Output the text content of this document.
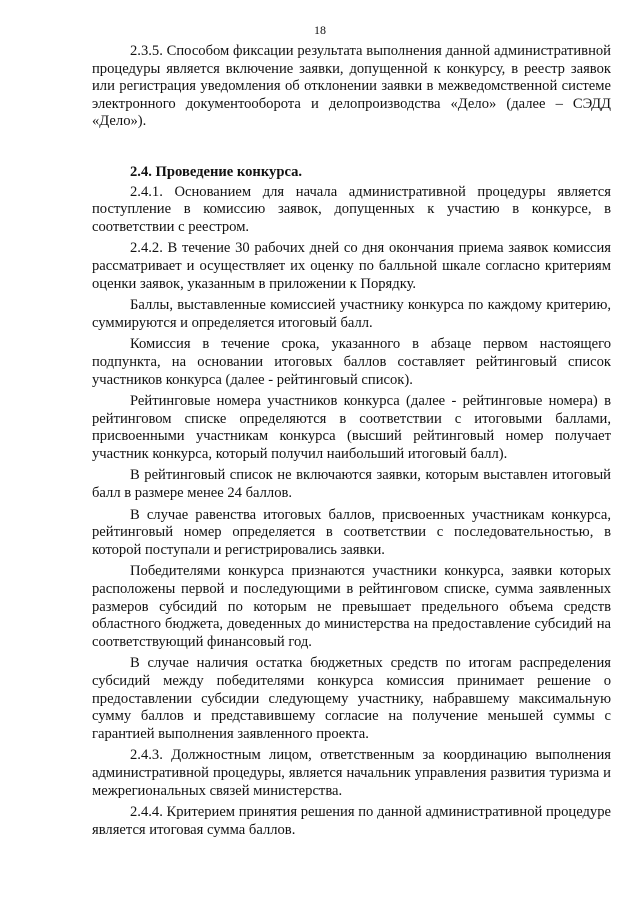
18

2.3.5. Способом фиксации результата выполнения данной административной процедуры является включение заявки, допущенной к конкурсу, в реестр заявок или регистрация уведомления об отклонении заявки в межведомственной системе электронного документооборота и делопроизводства «Дело» (далее – СЭДД «Дело»).

2.4. Проведение конкурса.

2.4.1. Основанием для начала административной процедуры является поступление в комиссию заявок, допущенных к участию в конкурсе, в соответствии с реестром.

2.4.2. В течение 30 рабочих дней со дня окончания приема заявок комиссия рассматривает и осуществляет их оценку по балльной шкале согласно критериям оценки заявок, указанным в приложении к Порядку.

Баллы, выставленные комиссией участнику конкурса по каждому критерию, суммируются и определяется итоговый балл.

Комиссия в течение срока, указанного в абзаце первом настоящего подпункта, на основании итоговых баллов составляет рейтинговый список участников конкурса (далее - рейтинговый список).

Рейтинговые номера участников конкурса (далее - рейтинговые номера) в рейтинговом списке определяются в соответствии с итоговыми баллами, присвоенными участникам конкурса (высший рейтинговый номер получает участник конкурса, который получил наибольший итоговый балл).

В рейтинговый список не включаются заявки, которым выставлен итоговый балл в размере менее 24 баллов.

В случае равенства итоговых баллов, присвоенных участникам конкурса, рейтинговый номер определяется в соответствии с последовательностью, в которой поступали и регистрировались заявки.

Победителями конкурса признаются участники конкурса, заявки которых расположены первой и последующими в рейтинговом списке, сумма заявленных размеров субсидий по которым не превышает предельного объема средств областного бюджета, доведенных до министерства на предоставление субсидий на соответствующий финансовый год.

В случае наличия остатка бюджетных средств по итогам распределения субсидий между победителями конкурса комиссия принимает решение о предоставлении субсидии следующему участнику, набравшему максимальную сумму баллов и представившему согласие на получение меньшей суммы с гарантией выполнения заявленного проекта.

2.4.3. Должностным лицом, ответственным за координацию выполнения административной процедуры, является начальник управления развития туризма и межрегиональных связей министерства.

2.4.4. Критерием принятия решения по данной административной процедуре является итоговая сумма баллов.
